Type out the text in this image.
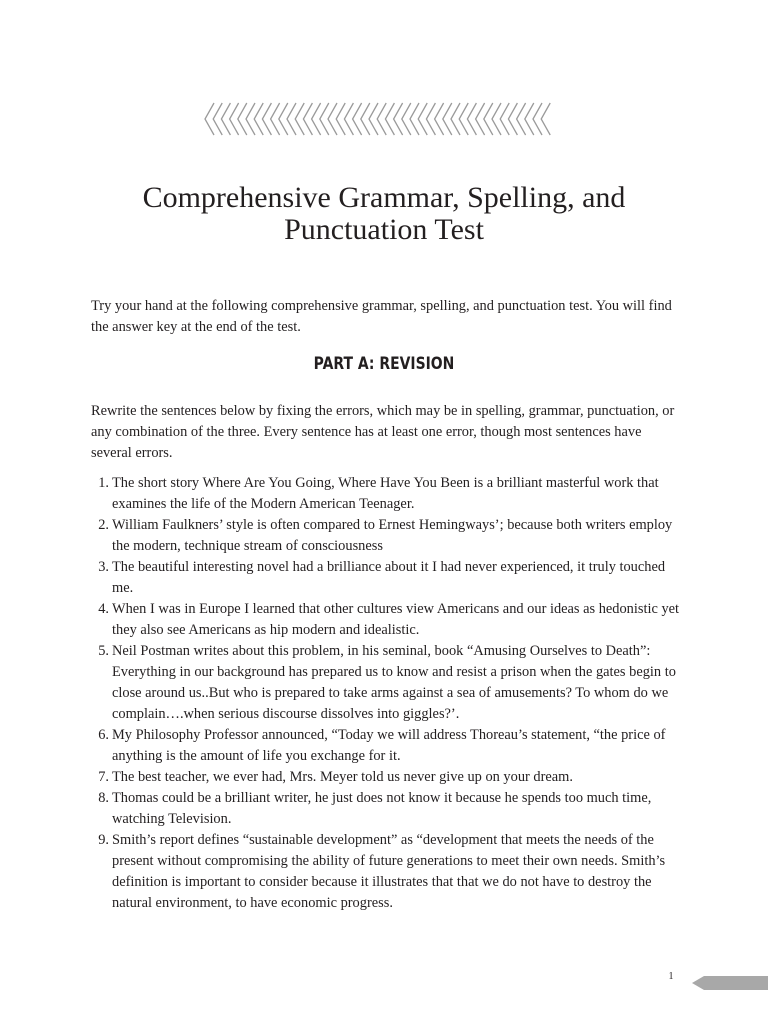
Comprehensive Grammar, Spelling, and
Punctuation Test

Try your hand at the following comprehensive grammar, spelling, and punctuation test. You will find the answer key at the end of the test.

PART A: REVISION

Rewrite the sentences below by fixing the errors, which may be in spelling, grammar, punctuation, or any combination of the three. Every sentence has at least one error, though most sentences have several errors.

1. The short story Where Are You Going, Where Have You Been is a brilliant masterful work that examines the life of the Modern American Teenager.
2. William Faulkners’ style is often compared to Ernest Hemingways’; because both writers employ the modern, technique stream of consciousness
3. The beautiful interesting novel had a brilliance about it I had never experienced, it truly touched me.
4. When I was in Europe I learned that other cultures view Americans and our ideas as hedonistic yet they also see Americans as hip modern and idealistic.
5. Neil Postman writes about this problem, in his seminal, book “Amusing Ourselves to Death”: Everything in our background has prepared us to know and resist a prison when the gates begin to close around us..But who is prepared to take arms against a sea of amusements? To whom do we complain….when serious discourse dissolves into giggles?’.
6. My Philosophy Professor announced, “Today we will address Thoreau’s statement, “the price of anything is the amount of life you exchange for it.
7. The best teacher, we ever had, Mrs. Meyer told us never give up on your dream.
8. Thomas could be a brilliant writer, he just does not know it because he spends too much time, watching Television.
9. Smith’s report defines “sustainable development” as “development that meets the needs of the present without compromising the ability of future generations to meet their own needs. Smith’s definition is important to consider because it illustrates that that we do not have to destroy the natural environment, to have economic progress.
1
